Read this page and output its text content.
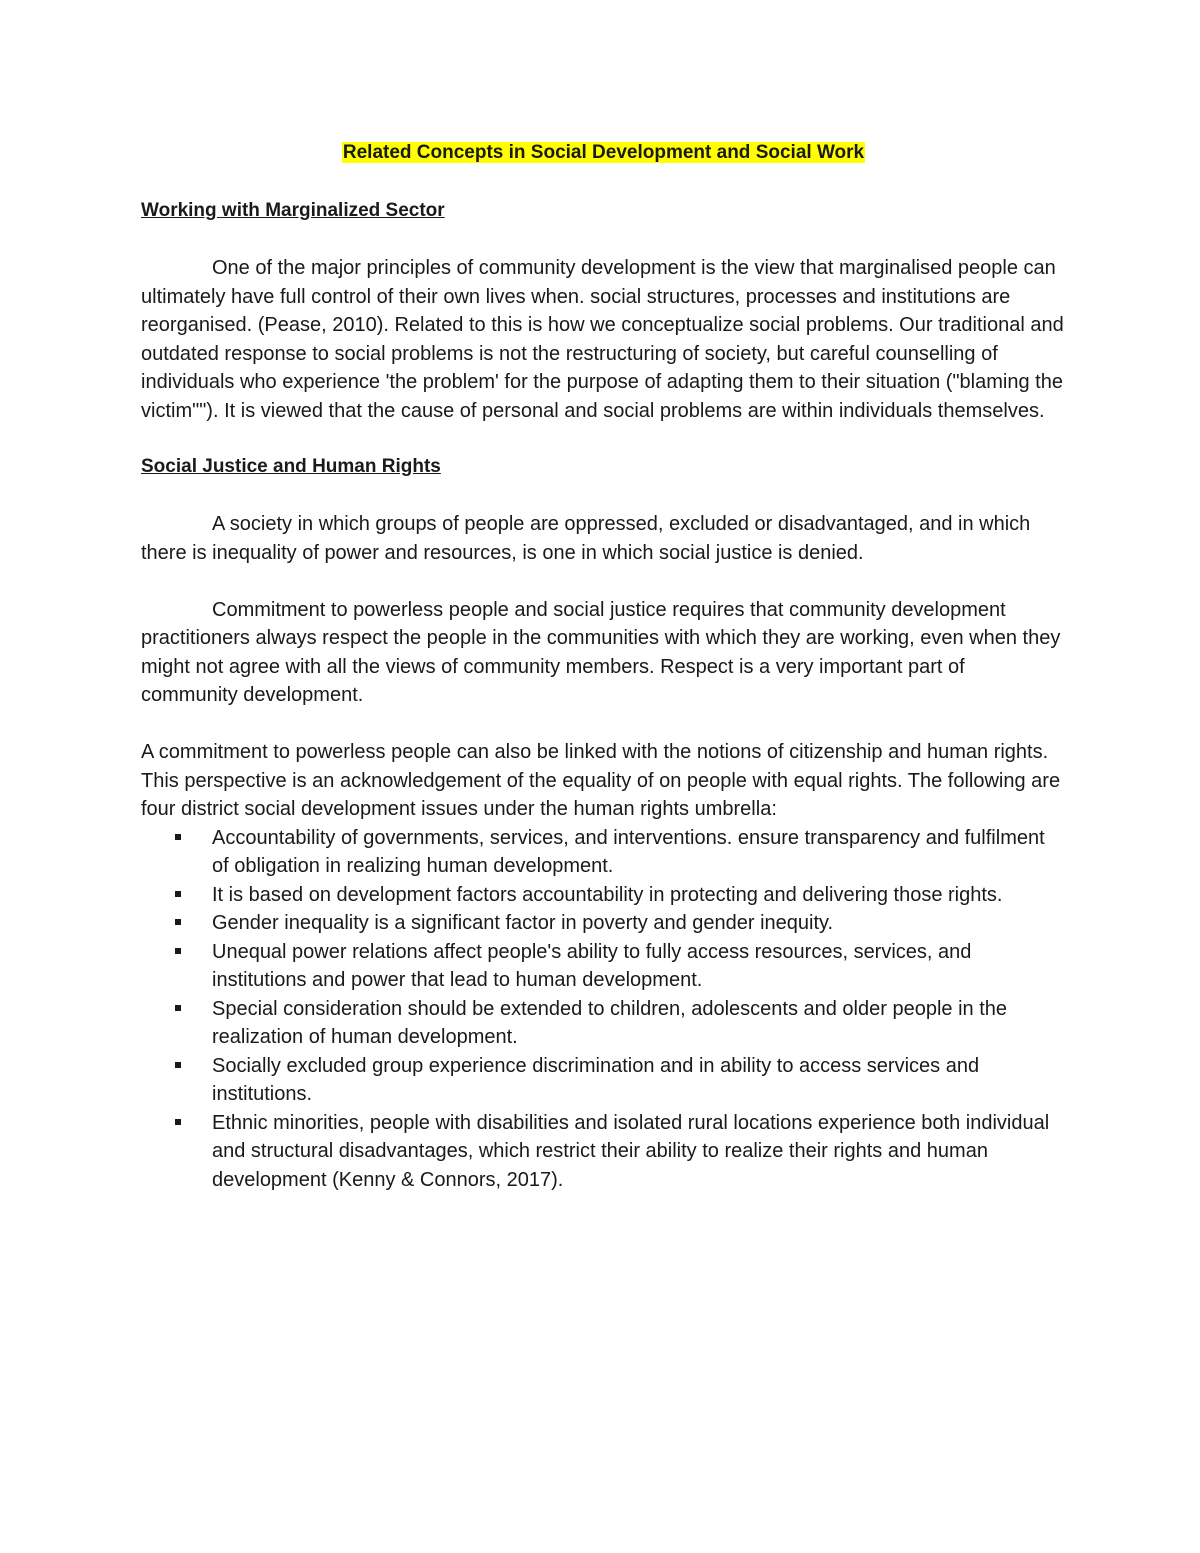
Related Concepts in Social Development and Social Work
Working with Marginalized Sector

One of the major principles of community development is the view that marginalised people can ultimately have full control of their own lives when. social structures, processes and institutions are reorganised. (Pease, 2010). Related to this is how we conceptualize social problems. Our traditional and outdated response to social problems is not the restructuring of society, but careful counselling of individuals who experience 'the problem' for the purpose of adapting them to their situation ("blaming the victim""). It is viewed that the cause of personal and social problems are within individuals themselves.

Social Justice and Human Rights

A society in which groups of people are oppressed, excluded or disadvantaged, and in which there is inequality of power and resources, is one in which social justice is denied.

Commitment to powerless people and social justice requires that community development practitioners always respect the people in the communities with which they are working, even when they might not agree with all the views of community members. Respect is a very important part of community development.

A commitment to powerless people can also be linked with the notions of citizenship and human rights. This perspective is an acknowledgement of the equality of on people with equal rights. The following are four district social development issues under the human rights umbrella:

Accountability of governments, services, and interventions. ensure transparency and fulfilment of obligation in realizing human development.
It is based on development factors accountability in protecting and delivering those rights.
Gender inequality is a significant factor in poverty and gender inequity.
Unequal power relations affect people's ability to fully access resources, services, and institutions and power that lead to human development.
Special consideration should be extended to children, adolescents and older people in the realization of human development.
Socially excluded group experience discrimination and in ability to access services and institutions.
Ethnic minorities, people with disabilities and isolated rural locations experience both individual and structural disadvantages, which restrict their ability to realize their rights and human development (Kenny & Connors, 2017).
